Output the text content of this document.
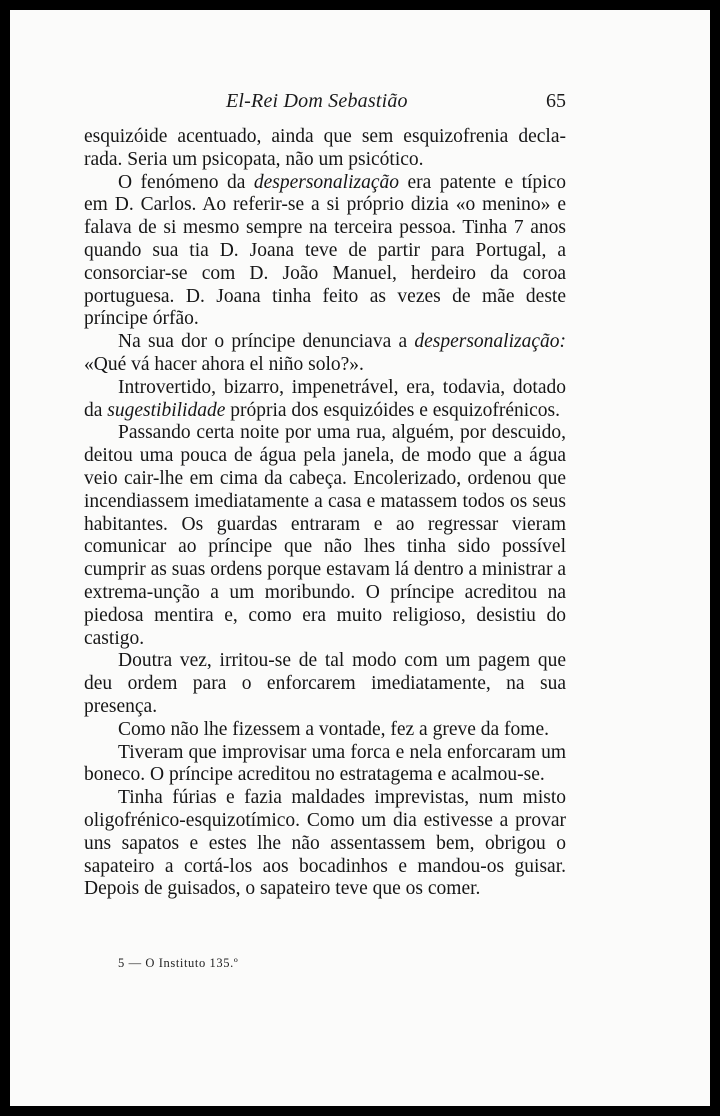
El-Rei Dom Sebastião	65

esquizóide acentuado, ainda que sem esquizofrenia declarada. Seria um psicopata, não um psicótico.

O fenómeno da despersonalização era patente e típico em D. Carlos. Ao referir-se a si próprio dizia «o menino» e falava de si mesmo sempre na terceira pessoa. Tinha 7 anos quando sua tia D. Joana teve de partir para Portugal, a consorciar-se com D. João Manuel, herdeiro da coroa portuguesa. D. Joana tinha feito as vezes de mãe deste príncipe órfão.

Na sua dor o príncipe denunciava a despersonalização: «Qué vá hacer ahora el niño solo?».

Introvertido, bizarro, impenetrável, era, todavia, dotado da sugestibilidade própria dos esquizóides e esquizofrénicos.

Passando certa noite por uma rua, alguém, por descuido, deitou uma pouca de água pela janela, de modo que a água veio cair-lhe em cima da cabeça. Encolerizado, ordenou que incendiassem imediatamente a casa e matassem todos os seus habitantes. Os guardas entraram e ao regressar vieram comunicar ao príncipe que não lhes tinha sido possível cumprir as suas ordens porque estavam lá dentro a ministrar a extrema-unção a um moribundo. O príncipe acreditou na piedosa mentira e, como era muito religioso, desistiu do castigo.

Doutra vez, irritou-se de tal modo com um pagem que deu ordem para o enforcarem imediatamente, na sua presença.

Como não lhe fizessem a vontade, fez a greve da fome.

Tiveram que improvisar uma forca e nela enforcaram um boneco. O príncipe acreditou no estratagema e acalmou-se.

Tinha fúrias e fazia maldades imprevistas, num misto oligofrénico-esquizotímico. Como um dia estivesse a provar uns sapatos e estes lhe não assentassem bem, obrigou o sapateiro a cortá-los aos bocadinhos e mandou-os guisar. Depois de guisados, o sapateiro teve que os comer.

5 — O Instituto 135.º
